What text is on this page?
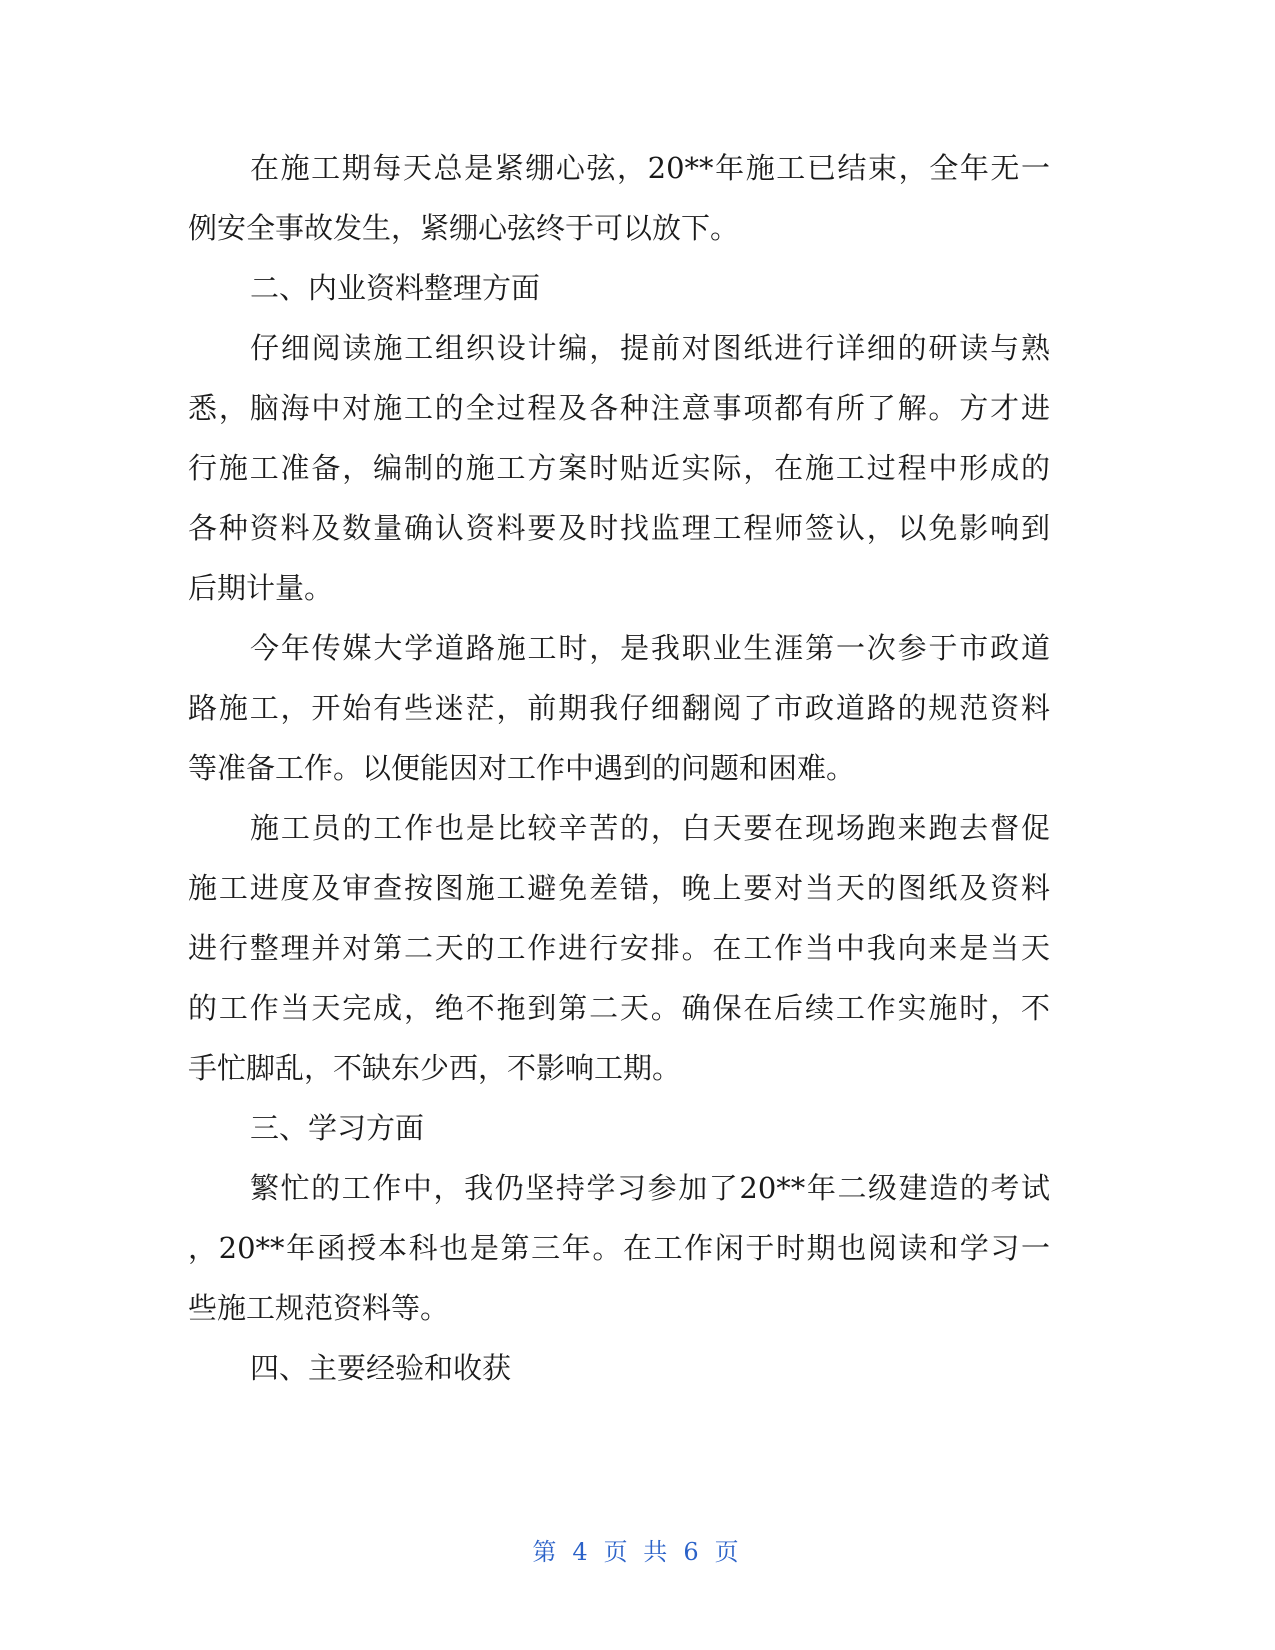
在施工期每天总是紧绷心弦，20**年施工已结束，全年无一
例安全事故发生，紧绷心弦终于可以放下。
二、内业资料整理方面
仔细阅读施工组织设计编，提前对图纸进行详细的研读与熟
悉，脑海中对施工的全过程及各种注意事项都有所了解。方才进
行施工准备，编制的施工方案时贴近实际，在施工过程中形成的
各种资料及数量确认资料要及时找监理工程师签认，以免影响到
后期计量。
今年传媒大学道路施工时，是我职业生涯第一次参于市政道
路施工，开始有些迷茫，前期我仔细翻阅了市政道路的规范资料
等准备工作。以便能因对工作中遇到的问题和困难。
施工员的工作也是比较辛苦的，白天要在现场跑来跑去督促
施工进度及审查按图施工避免差错，晚上要对当天的图纸及资料
进行整理并对第二天的工作进行安排。在工作当中我向来是当天
的工作当天完成，绝不拖到第二天。确保在后续工作实施时，不
手忙脚乱，不缺东少西，不影响工期。
三、学习方面
繁忙的工作中，我仍坚持学习参加了20**年二级建造的考试
，20**年函授本科也是第三年。在工作闲于时期也阅读和学习一
些施工规范资料等。
四、主要经验和收获
第 4 页 共 6 页
